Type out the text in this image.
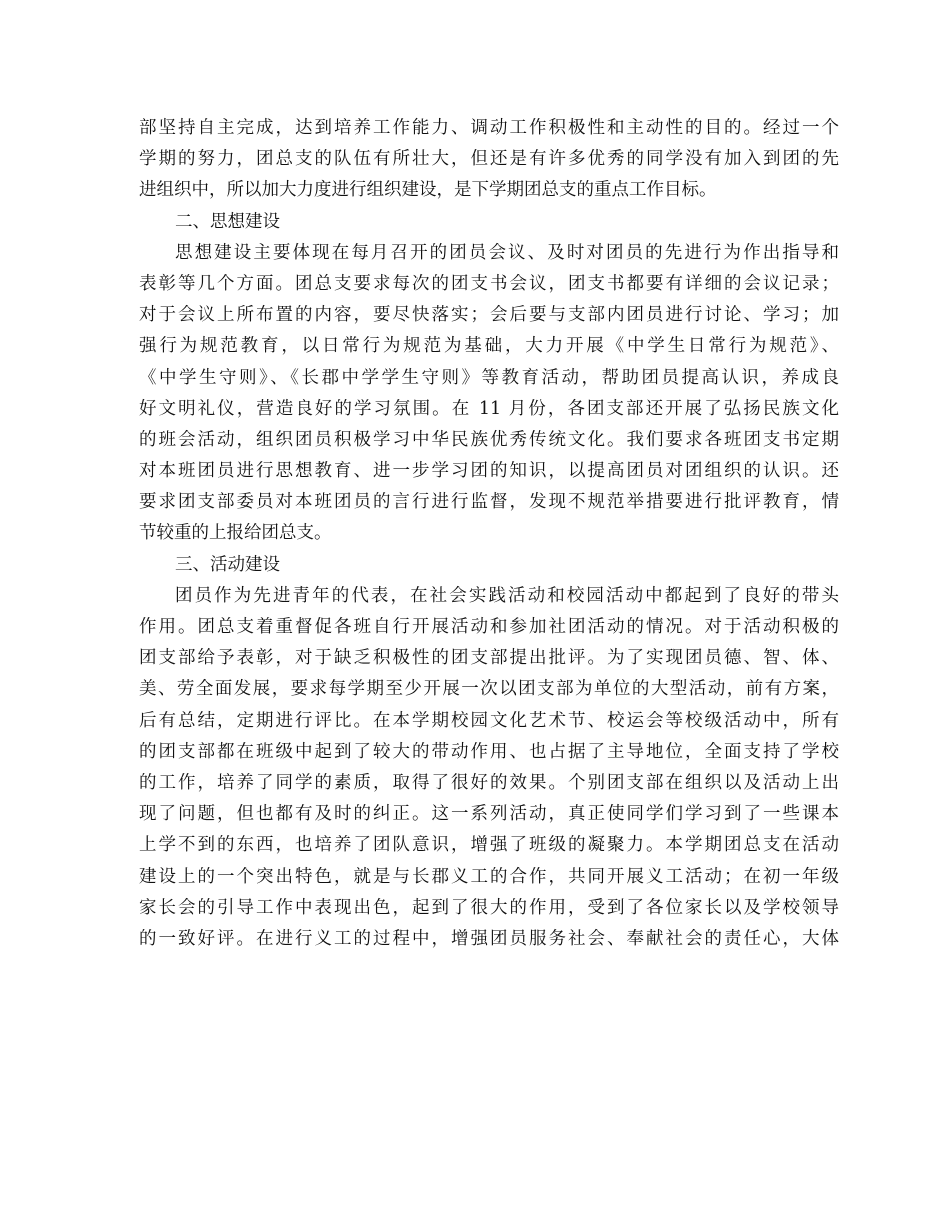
部坚持自主完成，达到培养工作能力、调动工作积极性和主动性的目的。经过一个
学期的努力，团总支的队伍有所壮大，但还是有许多优秀的同学没有加入到团的先
进组织中，所以加大力度进行组织建设，是下学期团总支的重点工作目标。
二、思想建设
思想建设主要体现在每月召开的团员会议、及时对团员的先进行为作出指导和
表彰等几个方面。团总支要求每次的团支书会议，团支书都要有详细的会议记录；
对于会议上所布置的内容，要尽快落实；会后要与支部内团员进行讨论、学习；加
强行为规范教育，以日常行为规范为基础，大力开展《中学生日常行为规范》、
《中学生守则》、《长郡中学学生守则》等教育活动，帮助团员提高认识，养成良
好文明礼仪，营造良好的学习氛围。在 11 月份，各团支部还开展了弘扬民族文化
的班会活动，组织团员积极学习中华民族优秀传统文化。我们要求各班团支书定期
对本班团员进行思想教育、进一步学习团的知识，以提高团员对团组织的认识。还
要求团支部委员对本班团员的言行进行监督，发现不规范举措要进行批评教育，情
节较重的上报给团总支。
三、活动建设
团员作为先进青年的代表，在社会实践活动和校园活动中都起到了良好的带头
作用。团总支着重督促各班自行开展活动和参加社团活动的情况。对于活动积极的
团支部给予表彰，对于缺乏积极性的团支部提出批评。为了实现团员德、智、体、
美、劳全面发展，要求每学期至少开展一次以团支部为单位的大型活动，前有方案，
后有总结，定期进行评比。在本学期校园文化艺术节、校运会等校级活动中，所有
的团支部都在班级中起到了较大的带动作用、也占据了主导地位，全面支持了学校
的工作，培养了同学的素质，取得了很好的效果。个别团支部在组织以及活动上出
现了问题，但也都有及时的纠正。这一系列活动，真正使同学们学习到了一些课本
上学不到的东西，也培养了团队意识，增强了班级的凝聚力。本学期团总支在活动
建设上的一个突出特色，就是与长郡义工的合作，共同开展义工活动；在初一年级
家长会的引导工作中表现出色，起到了很大的作用，受到了各位家长以及学校领导
的一致好评。在进行义工的过程中，增强团员服务社会、奉献社会的责任心，大体
